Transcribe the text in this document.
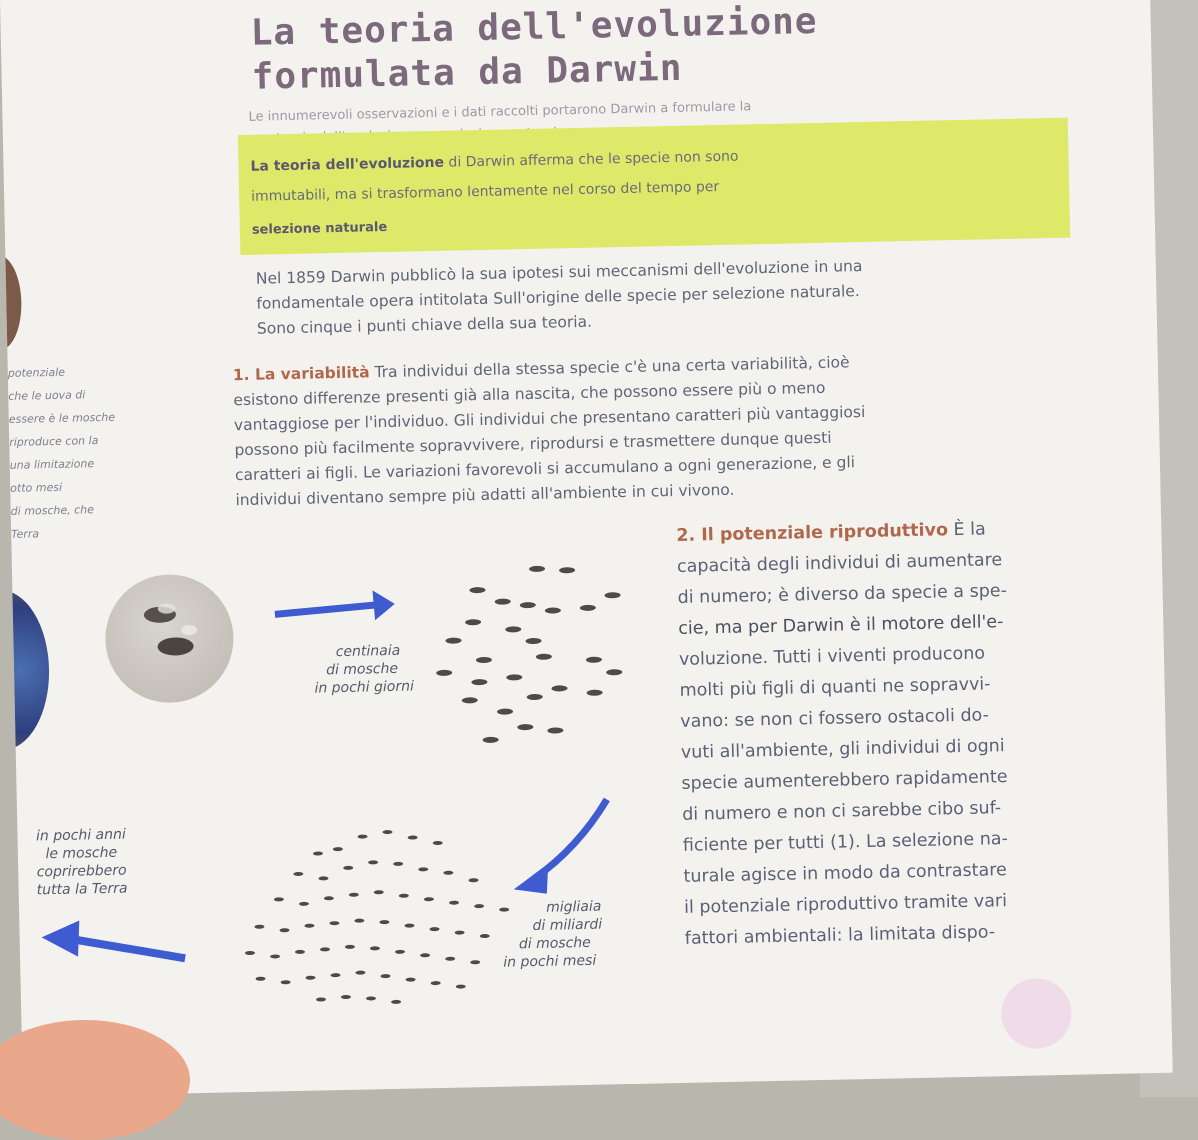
La teoria dell'evoluzione
formulata da Darwin
Le innumerevoli osservazioni e i dati raccolti portarono Darwin a formulare la
La teoria dell'evoluzione di Darwin afferma che le specie non sono
immutabili, ma si trasformano lentamente nel corso del tempo per
selezione naturale
Nel 1859 Darwin pubblicò la sua ipotesi sui meccanismi dell'evoluzione in una
fondamentale opera intitolata Sull'origine delle specie per selezione naturale.
Sono cinque i punti chiave della sua teoria.
1. La variabilità Tra individui della stessa specie c'è una certa variabilità, cioè
esistono differenze presenti già alla nascita, che possono essere più o meno
vantaggiose per l'individuo. Gli individui che presentano caratteri più vantaggiosi
possono più facilmente sopravvivere, riprodursi e trasmettere dunque questi
caratteri ai figli. Le variazioni favorevoli si accumulano a ogni generazione, e gli
individui diventano sempre più adatti all'ambiente in cui vivono.
potenziale
che le uova di
essere è le mosche
riproduce con la
una limitazione
otto mesi
di mosche, che
Terra	2. Il potenziale riproduttivo È la
capacità degli individui di aumentare
di numero; è diverso da specie a spe-
cie, ma per Darwin è il motore dell'e-
voluzione. Tutti i viventi producono
molti più figli di quanti ne sopravvi-
vano: se non ci fossero ostacoli do-
vuti all'ambiente, gli individui di ogni
specie aumenterebbero rapidamente
di numero e non ci sarebbe cibo suf-
ficiente per tutti (1). La selezione na-
turale agisce in modo da contrastare
il potenziale riproduttivo tramite vari
fattori ambientali: la limitata dispo-
centinaia
di mosche
in pochi giorni
migliaia
di miliardi
di mosche
in pochi mesi
in pochi anni
le mosche
coprirebbero
tutta la Terra
